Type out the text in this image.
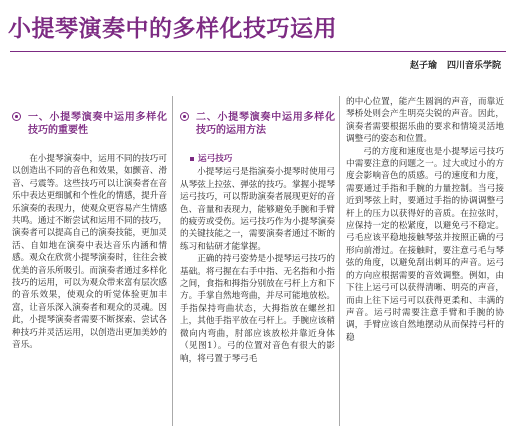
小提琴演奏中的多样化技巧运用
赵子瑜 四川音乐学院
一、小提琴演奏中运用多样化技巧的重要性

在小提琴演奏中，运用不同的技巧可以创造出不同的音色和效果，如颤音、滑音、弓震等。这些技巧可以让演奏者在音乐中表达更细腻和个性化的情感，提升音乐演奏的表现力，使观众更容易产生情感共鸣。通过不断尝试和运用不同的技巧，演奏者可以提高自己的演奏技能，更加灵活、自如地在演奏中表达音乐内涵和情感。观众在欣赏小提琴演奏时，往往会被优美的音乐所吸引。而演奏者通过多样化技巧的运用，可以为观众带来富有层次感的音乐效果，使观众的听觉体验更加丰富，让音乐深入演奏者和观众的灵魂。因此，小提琴演奏者需要不断探索、尝试各种技巧并灵活运用，以创造出更加美妙的音乐。

二、小提琴演奏中运用多样化技巧的运用方法
运弓技巧

小提琴运弓是指演奏小提琴时使用弓从琴弦上拉弦、弹弦的技巧。掌握小提琴运弓技巧，可以帮助演奏者展现更好的音色、音量和表现力，能够避免手腕和手臂的疲劳或受伤。运弓技巧作为小提琴演奏的关键技能之一，需要演奏者通过不断的练习和钻研才能掌握。

正确的持弓姿势是小提琴运弓技巧的基础。将弓握在右手中指、无名指和小指之间，食指和拇指分别放在弓杆上方和下方。手掌自然地弯曲，并尽可能地放松。手指保持弯曲状态，大拇指放在螺丝扣上，其他手指平放在弓杆上。手腕应该稍微向内弯曲，肘部应该放松并靠近身体（见图1）。弓的位置对音色有很大的影响，将弓置于琴弓毛

的中心位置，能产生圆润的声音，而靠近琴桥处则会产生明亮尖锐的声音。因此，演奏者需要根据乐曲的要求和情境灵活地调整弓的姿态和位置。

弓的方度和速度也是小提琴运弓技巧中需要注意的问题之一。过大或过小的方度会影响音色的质感。弓的速度和力度，需要通过手指和手腕的力量控制。当弓接近到琴弦上时，要通过手指的协调调整弓杆上的压力以获得好的音质。在拉弦时，应保持一定的松紧度，以避免弓不稳定。弓毛应该平稳地接触琴弦并按照正确的弓形向前滑过。在接触时，要注意弓毛与琴弦的角度，以避免刮出刺耳的声音。运弓的方向应根据需要的音效调整。例如，由下往上运弓可以获得清晰、明亮的声音，而由上往下运弓可以获得更柔和、丰满的声音。运弓时需要注意手臂和手腕的协调，手臂应该自然地摆动从而保持弓杆的稳
